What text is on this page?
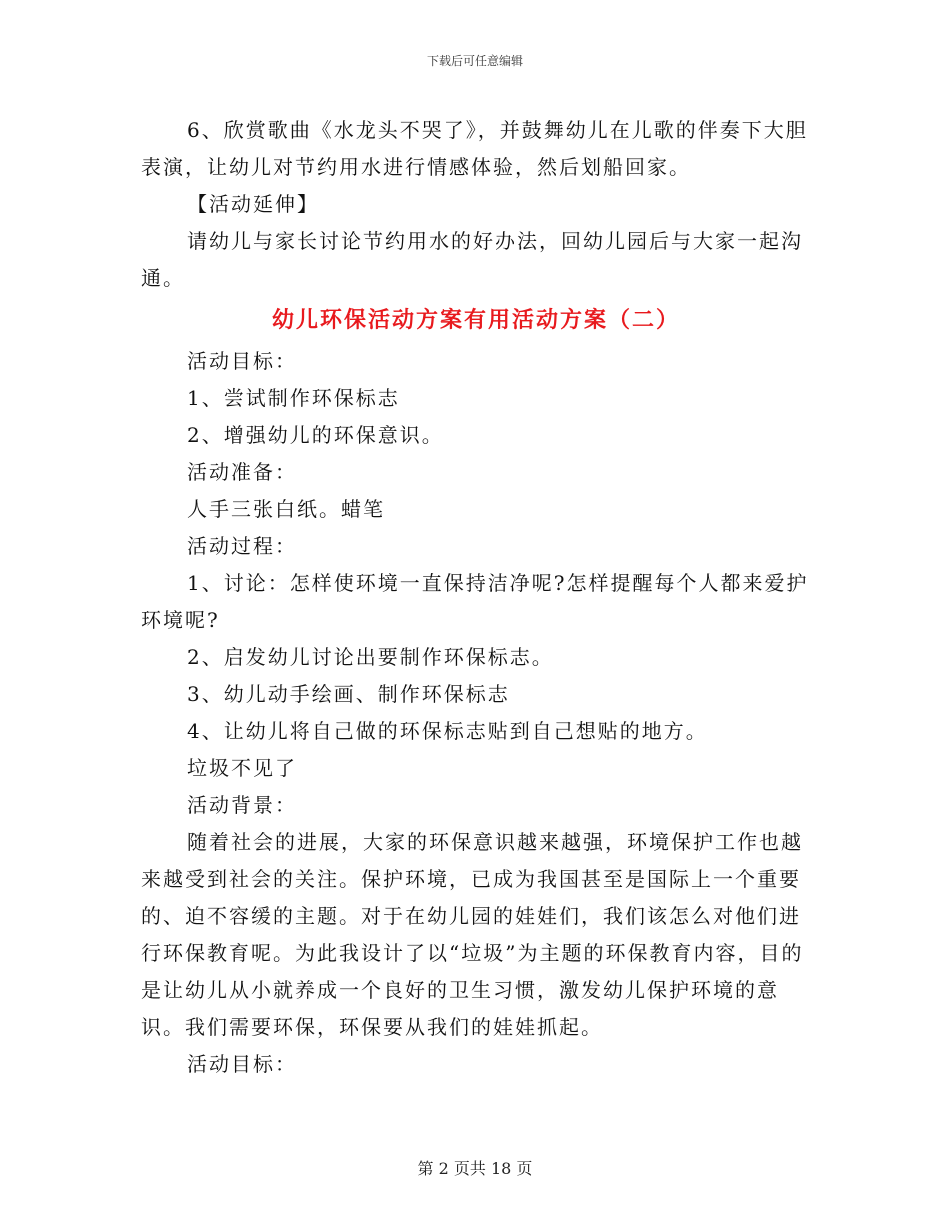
下载后可任意编辑

6、欣赏歌曲《水龙头不哭了》，并鼓舞幼儿在儿歌的伴奏下大胆表演，让幼儿对节约用水进行情感体验，然后划船回家。

【活动延伸】

请幼儿与家长讨论节约用水的好办法，回幼儿园后与大家一起沟通。

幼儿环保活动方案有用活动方案（二）

活动目标：

1、尝试制作环保标志

2、增强幼儿的环保意识。

活动准备：

人手三张白纸。蜡笔

活动过程：

1、讨论：怎样使环境一直保持洁净呢?怎样提醒每个人都来爱护环境呢?

2、启发幼儿讨论出要制作环保标志。

3、幼儿动手绘画、制作环保标志

4、让幼儿将自己做的环保标志贴到自己想贴的地方。

垃圾不见了

活动背景：

随着社会的进展，大家的环保意识越来越强，环境保护工作也越来越受到社会的关注。保护环境，已成为我国甚至是国际上一个重要的、迫不容缓的主题。对于在幼儿园的娃娃们，我们该怎么对他们进行环保教育呢。为此我设计了以“垃圾”为主题的环保教育内容，目的是让幼儿从小就养成一个良好的卫生习惯，激发幼儿保护环境的意识。我们需要环保，环保要从我们的娃娃抓起。

活动目标：

第 2 页共 18 页
